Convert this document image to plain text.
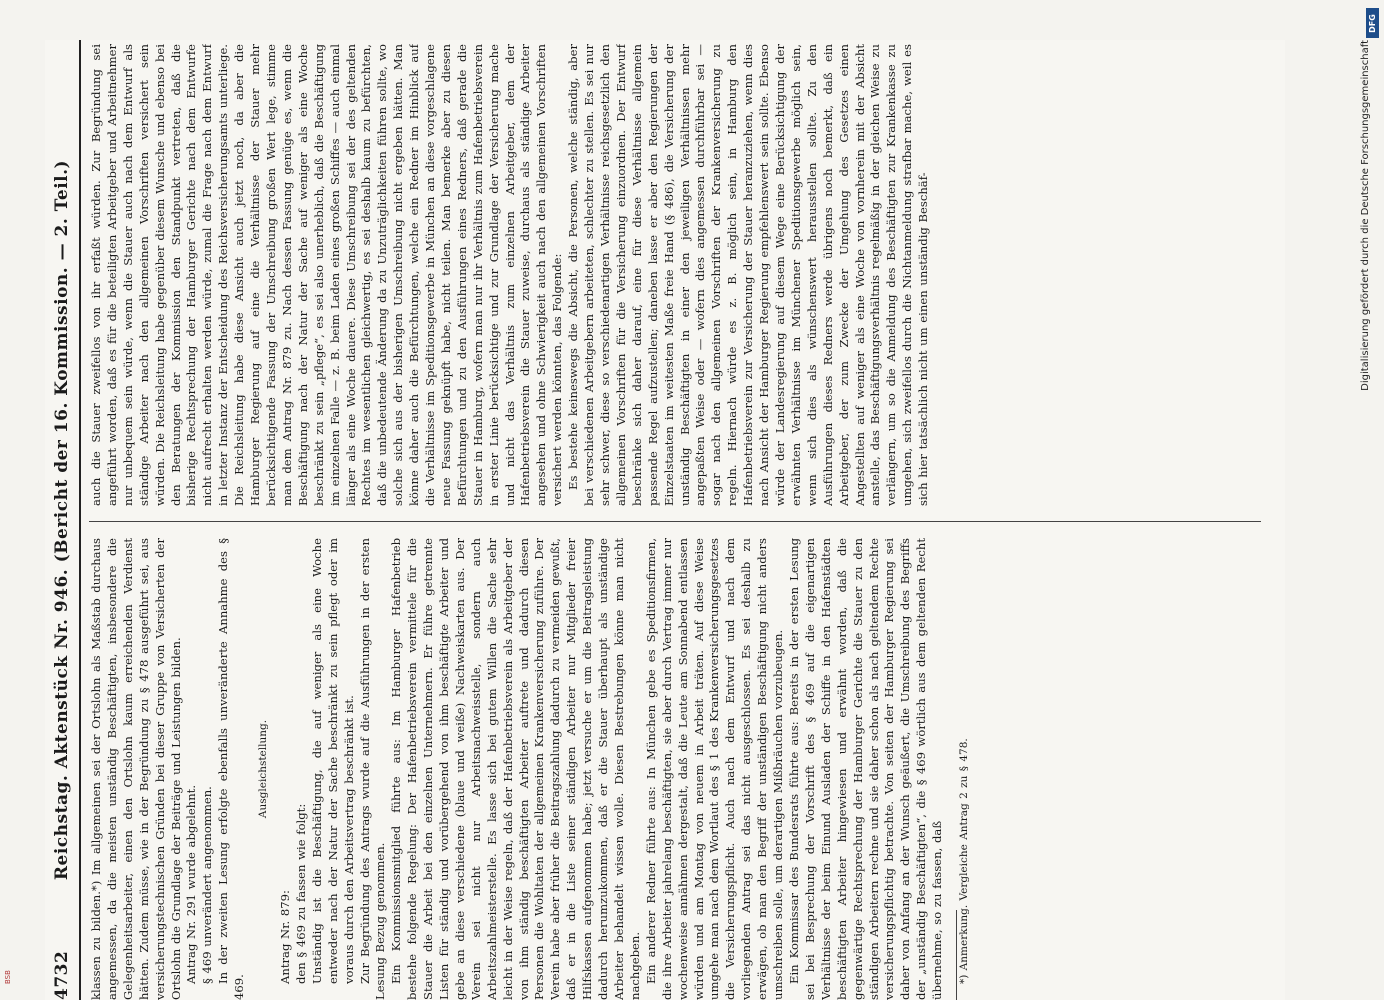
4732
Reichstag. Aktenstück Nr. 946. (Bericht der 16. Kommission. — 2. Teil.) klassen zu bilden.*) Im allgemeinen sei der Ortslohn als Maßstab durchaus angemessen, da die meisten unständig Beschäftigten, insbesondere die Gelegenheitsarbeiter, einen den Ortslohn kaum erreichenden Verdienst hätten. Zudem müsse, wie in der Begründung zu § 478 ausgeführt sei, aus versicherungstechnischen Gründen bei dieser Gruppe von Versicherten der Ortslohn die Grundlage der Beiträge und Leistungen bilden. Antrag Nr. 291 wurde abgelehnt. § 469 unverändert angenommen. In der zweiten Lesung erfolgte ebenfalls unveränderte Annahme des § 469.

Ausgleichstellung.

Antrag Nr. 879: den § 469 zu fassen wie folgt: Unständig ist die Beschäftigung, die auf weniger als eine Woche entweder nach der Natur der Sache beschränkt zu sein pflegt oder im voraus durch den Arbeitsvertrag beschränkt ist. Zur Begründung des Antrags wurde auf die Ausführungen in der ersten Lesung Bezug genommen. Ein Kommissionsmitglied führte aus: Im Hamburger Hafenbetrieb bestehe folgende Regelung: Der Hafenbetriebsverein vermittele für die Stauer die Arbeit bei den einzelnen Unternehmern. Er führe getrennte Listen für ständig und vorübergehend von ihm beschäftigte Arbeiter und gebe an diese verschiedene (blaue und weiße) Nachweiskarten aus. Der Verein sei nicht nur Arbeitsnachweisstelle, sondern auch Arbeitszahlmeisterstelle. Es lasse sich bei gutem Willen die Sache sehr leicht in der Weise regeln, daß der Hafenbetriebsverein als Arbeitgeber der von ihm ständig beschäftigten Arbeiter auftrete und dadurch diesen Personen die Wohltaten der allgemeinen Krankenversicherung zuführe. Der Verein habe aber früher die Beitragszahlung dadurch zu vermeiden gewußt, daß er in die Liste seiner ständigen Arbeiter nur Mitglieder freier Hilfskassen aufgenommen habe; jetzt versuche er um die Beitragsleistung dadurch herumzukommen, daß er die Stauer überhaupt als unständige Arbeiter behandelt wissen wolle. Diesen Bestrebungen könne man nicht nachgeben. Ein anderer Redner führte aus: In München gebe es Speditionsfirmen, die ihre Arbeiter jahrelang beschäftigten, sie aber durch Vertrag immer nur wochenweise annähmen dergestalt, daß die Leute am Sonnabend entlassen würden und am Montag von neuem in Arbeit träten. Auf diese Weise umgehe man nach dem Wortlaut des § 1 des Krankenversicherungsgesetzes die Versicherungspflicht. Auch nach dem Entwurf und nach dem vorliegenden Antrag sei das nicht ausgeschlossen. Es sei deshalb zu erwägen, ob man den Begriff der unständigen Beschäftigung nicht anders umschreiben solle, um derartigen Mißbräuchen vorzubeugen. Ein Kommissar des Bundesrats führte aus: Bereits in der ersten Lesung sei bei Besprechung der Vorschrift des § 469 auf die eigenartigen Verhältnisse der beim Einund Ausladen der Schiffe in den Hafenstädten beschäftigten Arbeiter hingewiesen und erwähnt worden, daß die gegenwärtige Rechtsprechung der Hamburger Gerichte die Stauer zu den ständigen Arbeitern rechne und sie daher schon als nach geltendem Rechte versicherungspflichtig betrachte. Von seiten der Hamburger Regierung sei daher von Anfang an der Wunsch geäußert, die Umschreibung des Begriffs der „unständig Beschäftigten“, die § 469 wörtlich aus dem geltenden Recht übernehme, so zu fassen, daß *) Anmerkung. Vergleiche Antrag 2 zu § 478.

auch die Stauer zweifellos von ihr erfaßt würden. Zur Begründung sei angeführt worden, daß es für die beteiligten Arbeitgeber und Arbeitnehmer nur unbequem sein würde, wenn die Stauer auch nach dem Entwurf als ständige Arbeiter nach den allgemeinen Vorschriften versichert sein würden. Die Reichsleitung habe gegenüber diesem Wunsche und ebenso bei den Beratungen der Kommission den Standpunkt vertreten, daß die bisherige Rechtsprechung der Hamburger Gerichte nach dem Entwurfe nicht aufrecht erhalten werden würde, zumal die Frage nach dem Entwurf in letzter Instanz der Entscheidung des Reichsversicherungsamts unterliege. Die Reichsleitung habe diese Ansicht auch jetzt noch, da aber die Hamburger Regierung auf eine die Verhältnisse der Stauer mehr berücksichtigende Fassung der Umschreibung großen Wert lege, stimme man dem Antrag Nr. 879 zu. Nach dessen Fassung genüge es, wenn die Beschäftigung nach der Natur der Sache auf weniger als eine Woche beschränkt zu sein „pflege“, es sei also unerheblich, daß die Beschäftigung im einzelnen Falle — z. B. beim Laden eines großen Schiffes — auch einmal länger als eine Woche dauere. Diese Umschreibung sei der des geltenden Rechtes im wesentlichen gleichwertig, es sei deshalb kaum zu befürchten, daß die unbedeutende Änderung da zu Unzuträglichkeiten führen sollte, wo solche sich aus der bisherigen Umschreibung nicht ergeben hätten. Man könne daher auch die Befürchtungen, welche ein Redner im Hinblick auf die Verhältnisse im Speditionsgewerbe in München an diese vorgeschlagene neue Fassung geknüpft habe, nicht teilen. Man bemerke aber zu diesen Befürchtungen und zu den Ausführungen eines Redners, daß gerade die Stauer in Hamburg, wofern man nur ihr Verhältnis zum Hafenbetriebsverein in erster Linie berücksichtige und zur Grundlage der Versicherung mache und nicht das Verhältnis zum einzelnen Arbeitgeber, dem der Hafenbetriebsverein die Stauer zuweise, durchaus als ständige Arbeiter angesehen und ohne Schwierigkeit auch nach den allgemeinen Vorschriften versichert werden könnten, das Folgende: Es bestehe keineswegs die Absicht, die Personen, welche ständig, aber bei verschiedenen Arbeitgebern arbeiteten, schlechter zu stellen. Es sei nur sehr schwer, diese so verschiedenartigen Verhältnisse reichsgesetzlich den allgemeinen Vorschriften für die Versicherung einzuordnen. Der Entwurf beschränke sich daher darauf, eine für diese Verhältnisse allgemein passende Regel aufzustellen; daneben lasse er aber den Regierungen der Einzelstaaten im weitesten Maße freie Hand (§ 486), die Versicherung der unständig Beschäftigten in einer den jeweiligen Verhältnissen mehr angepaßten Weise oder — wofern dies angemessen durchführbar sei — sogar nach den allgemeinen Vorschriften der Krankenversicherung zu regeln. Hiernach würde es z. B. möglich sein, in Hamburg den Hafenbetriebsverein zur Versicherung der Stauer heranzuziehen, wenn dies nach Ansicht der Hamburger Regierung empfehlenswert sein sollte. Ebenso würde der Landesregierung auf diesem Wege eine Berücksichtigung der erwähnten Verhältnisse im Münchener Speditionsgewerbe möglich sein, wenn sich dies als wünschenswert herausstellen sollte. Zu den Ausführungen dieses Redners werde übrigens noch bemerkt, daß ein Arbeitgeber, der zum Zwecke der Umgehung des Gesetzes einen Angestellten auf weniger als eine Woche von vornherein mit der Absicht anstelle, das Beschäftigungsverhältnis regelmäßig in der gleichen Weise zu verlängern, um so die Anmeldung des Beschäftigten zur Krankenkasse zu umgehen, sich zweifellos durch die Nichtanmeldung strafbar mache, weil es sich hier tatsächlich nicht um einen unständig Beschäf-	Digitalisierung gefördert durch die Deutsche Forschungsgemeinschaft
DFG
BSB
